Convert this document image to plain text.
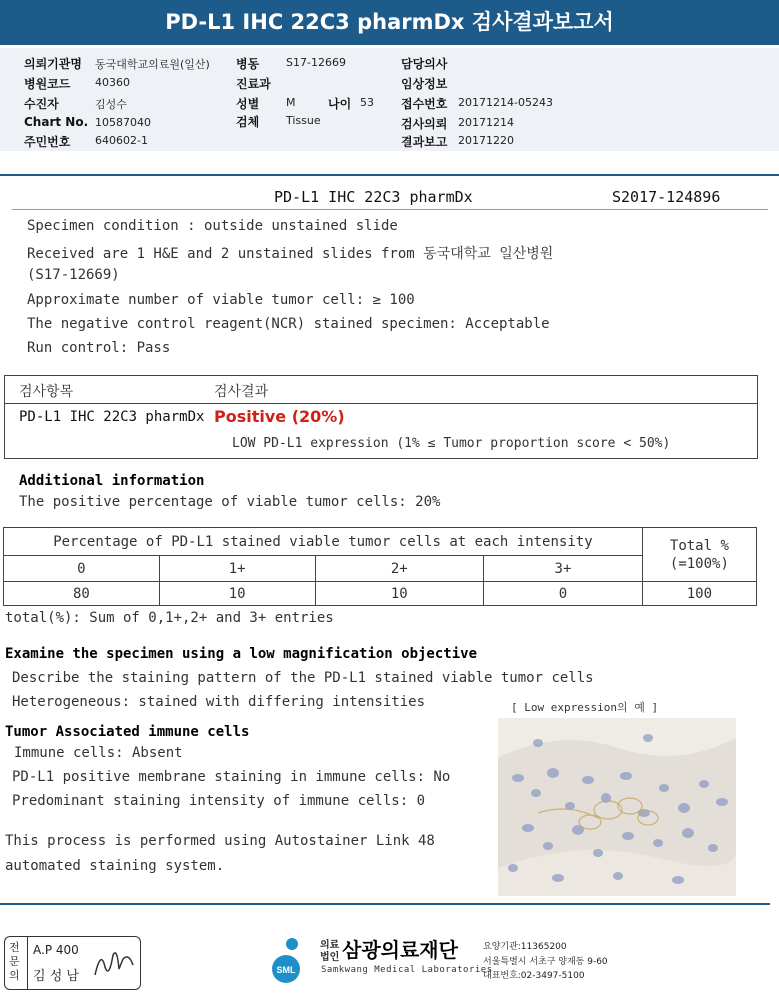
PD-L1 IHC 22C3 pharmDx 검사결과보고서
의뢰기관명 동국대학교의료원(일산)
병원코드 40360
수진자	김성수
Chart No. 10587040
주민번호 640602-1
병동 S17-12669
진료과
성별 M	나이 53
검체 Tissue
담당의사
임상정보
접수번호 20171214-05243
검사의뢰 20171214
결과보고 20171220
PD-L1 IHC 22C3 pharmDx	S2017-124896
Specimen condition : outside unstained slide
Received are 1 H&E and 2 unstained slides from 동국대학교 일산병원
(S17-12669)
Approximate number of viable tumor cell: ≥ 100
The negative control reagent(NCR) stained specimen: Acceptable
Run control: Pass
검사항목	검사결과
PD-L1 IHC 22C3 pharmDx Positive (20%)
LOW PD-L1 expression (1% ≤ Tumor proportion score < 50%)
Additional information
The positive percentage of viable tumor cells: 20%
Percentage of PD-L1 stained viable tumor cells at each intensity				Total %
(=100%)
0	1+	2+	3+	
80	10	10	0	100
total(%): Sum of 0,1+,2+ and 3+ entries
Examine the specimen using a low magnification objective
Describe the staining pattern of the PD-L1 stained viable tumor cells
Heterogeneous: stained with differing intensities	[ Low expression의 예 ]
Tumor Associated immune cells
Immune cells: Absent
PD-L1 positive membrane staining in immune cells: No
Predominant staining intensity of immune cells: 0
This process is performed using Autostainer Link 48
automated staining system.
전문의
A.P 400
김 성 남	SML
의료
법인 삼광의료재단
Samkwang Medical Laboratories
요양기관:11365200
서울특별시 서초구 양재동 9-60
대표번호:02-3497-5100
